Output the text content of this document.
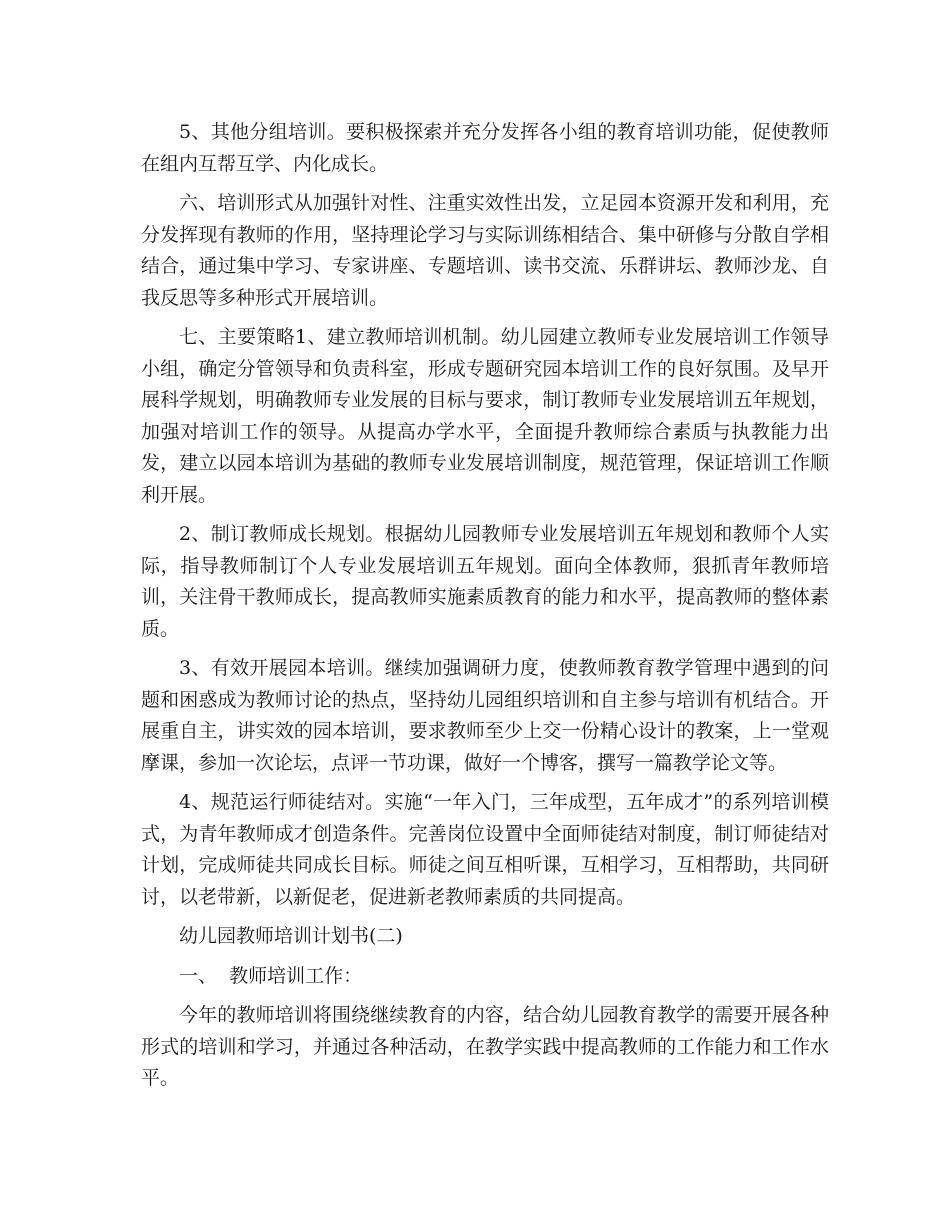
5、其他分组培训。要积极探索并充分发挥各小组的教育培训功能，促使教师在组内互帮互学、内化成长。

六、培训形式从加强针对性、注重实效性出发，立足园本资源开发和利用，充分发挥现有教师的作用，坚持理论学习与实际训练相结合、集中研修与分散自学相结合，通过集中学习、专家讲座、专题培训、读书交流、乐群讲坛、教师沙龙、自我反思等多种形式开展培训。

七、主要策略1、建立教师培训机制。幼儿园建立教师专业发展培训工作领导小组，确定分管领导和负责科室，形成专题研究园本培训工作的良好氛围。及早开展科学规划，明确教师专业发展的目标与要求，制订教师专业发展培训五年规划，加强对培训工作的领导。从提高办学水平，全面提升教师综合素质与执教能力出发，建立以园本培训为基础的教师专业发展培训制度，规范管理，保证培训工作顺利开展。

2、制订教师成长规划。根据幼儿园教师专业发展培训五年规划和教师个人实际，指导教师制订个人专业发展培训五年规划。面向全体教师，狠抓青年教师培训，关注骨干教师成长，提高教师实施素质教育的能力和水平，提高教师的整体素质。

3、有效开展园本培训。继续加强调研力度，使教师教育教学管理中遇到的问题和困惑成为教师讨论的热点，坚持幼儿园组织培训和自主参与培训有机结合。开展重自主，讲实效的园本培训，要求教师至少上交一份精心设计的教案，上一堂观摩课，参加一次论坛，点评一节功课，做好一个博客，撰写一篇教学论文等。

4、规范运行师徒结对。实施“一年入门，三年成型，五年成才”的系列培训模式，为青年教师成才创造条件。完善岗位设置中全面师徒结对制度，制订师徒结对计划，完成师徒共同成长目标。师徒之间互相听课，互相学习，互相帮助，共同研讨，以老带新，以新促老，促进新老教师素质的共同提高。

幼儿园教师培训计划书(二)

一、  教师培训工作：

今年的教师培训将围绕继续教育的内容，结合幼儿园教育教学的需要开展各种形式的培训和学习，并通过各种活动，在教学实践中提高教师的工作能力和工作水平。
